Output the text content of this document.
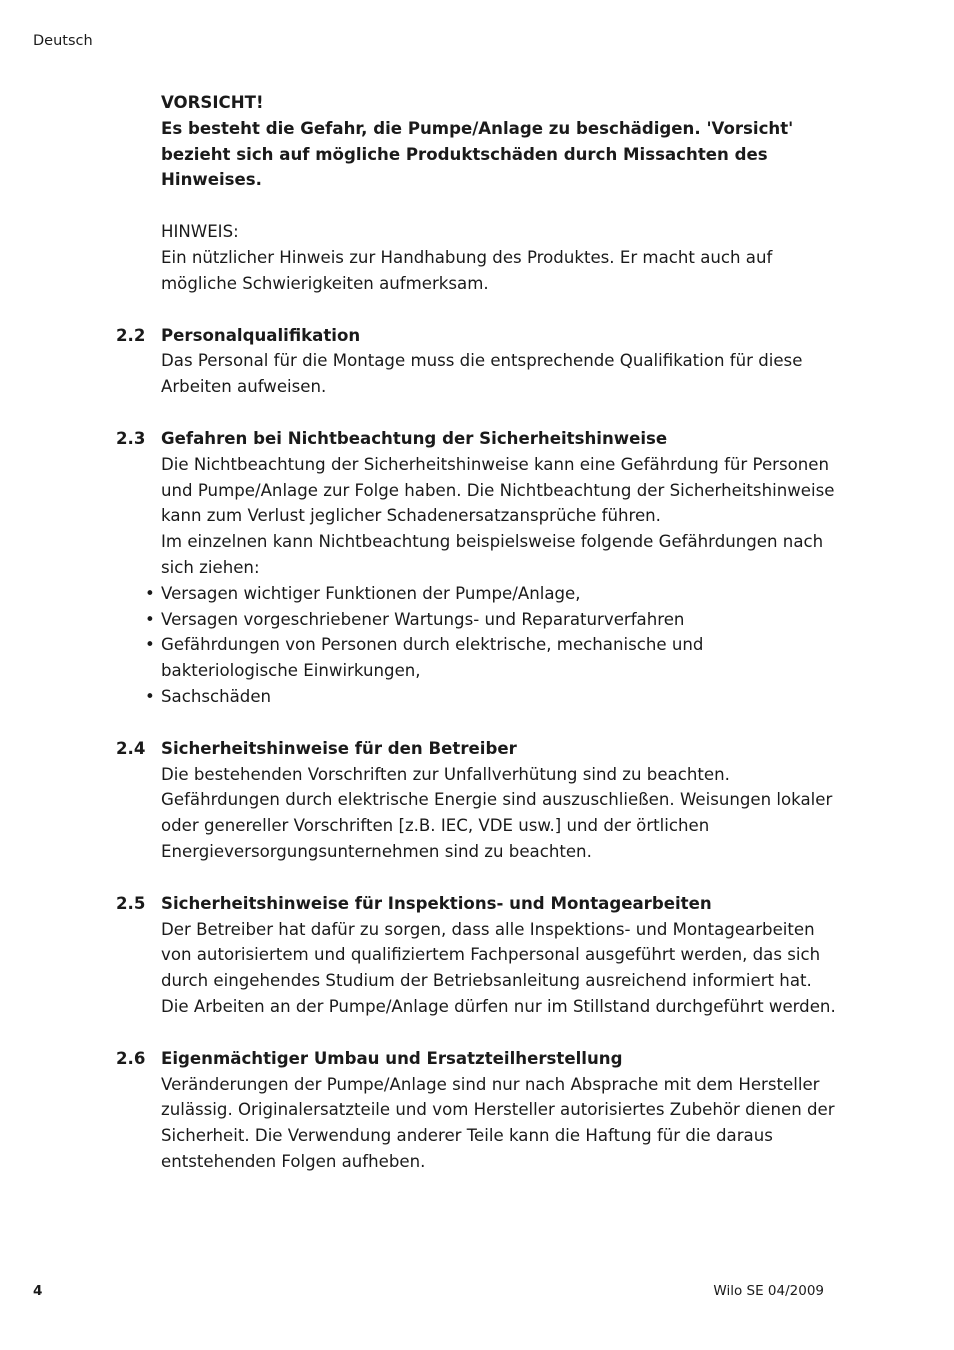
Deutsch

VORSICHT!

Es besteht die Gefahr, die Pumpe/Anlage zu beschädigen. 'Vorsicht' bezieht sich auf mögliche Produktschäden durch Missachten des Hinweises.

HINWEIS:

Ein nützlicher Hinweis zur Handhabung des Produktes. Er macht auch auf mögliche Schwierigkeiten aufmerksam.

2.2 Personalqualifikation

Das Personal für die Montage muss die entsprechende Qualifikation für diese Arbeiten aufweisen.

2.3 Gefahren bei Nichtbeachtung der Sicherheitshinweise

Die Nichtbeachtung der Sicherheitshinweise kann eine Gefährdung für Personen und Pumpe/Anlage zur Folge haben. Die Nichtbeachtung der Sicherheitshinweise kann zum Verlust jeglicher Schadenersatzansprüche führen.

Im einzelnen kann Nichtbeachtung beispielsweise folgende Gefährdungen nach sich ziehen:

• Versagen wichtiger Funktionen der Pumpe/Anlage,
• Versagen vorgeschriebener Wartungs- und Reparaturverfahren
• Gefährdungen von Personen durch elektrische, mechanische und bakteriologische Einwirkungen,
• Sachschäden
2.4 Sicherheitshinweise für den Betreiber

Die bestehenden Vorschriften zur Unfallverhütung sind zu beachten. Gefährdungen durch elektrische Energie sind auszuschließen. Weisungen lokaler oder genereller Vorschriften [z.B. IEC, VDE usw.] und der örtlichen Energieversorgungsunternehmen sind zu beachten.

2.5 Sicherheitshinweise für Inspektions- und Montagearbeiten

Der Betreiber hat dafür zu sorgen, dass alle Inspektions- und Montagearbeiten von autorisiertem und qualifiziertem Fachpersonal ausgeführt werden, das sich durch eingehendes Studium der Betriebsanleitung ausreichend informiert hat.

Die Arbeiten an der Pumpe/Anlage dürfen nur im Stillstand durchgeführt werden.

2.6 Eigenmächtiger Umbau und Ersatzteilherstellung

Veränderungen der Pumpe/Anlage sind nur nach Absprache mit dem Hersteller zulässig. Originalersatzteile und vom Hersteller autorisiertes Zubehör dienen der Sicherheit. Die Verwendung anderer Teile kann die Haftung für die daraus entstehenden Folgen aufheben.

4	Wilo SE 04/2009
